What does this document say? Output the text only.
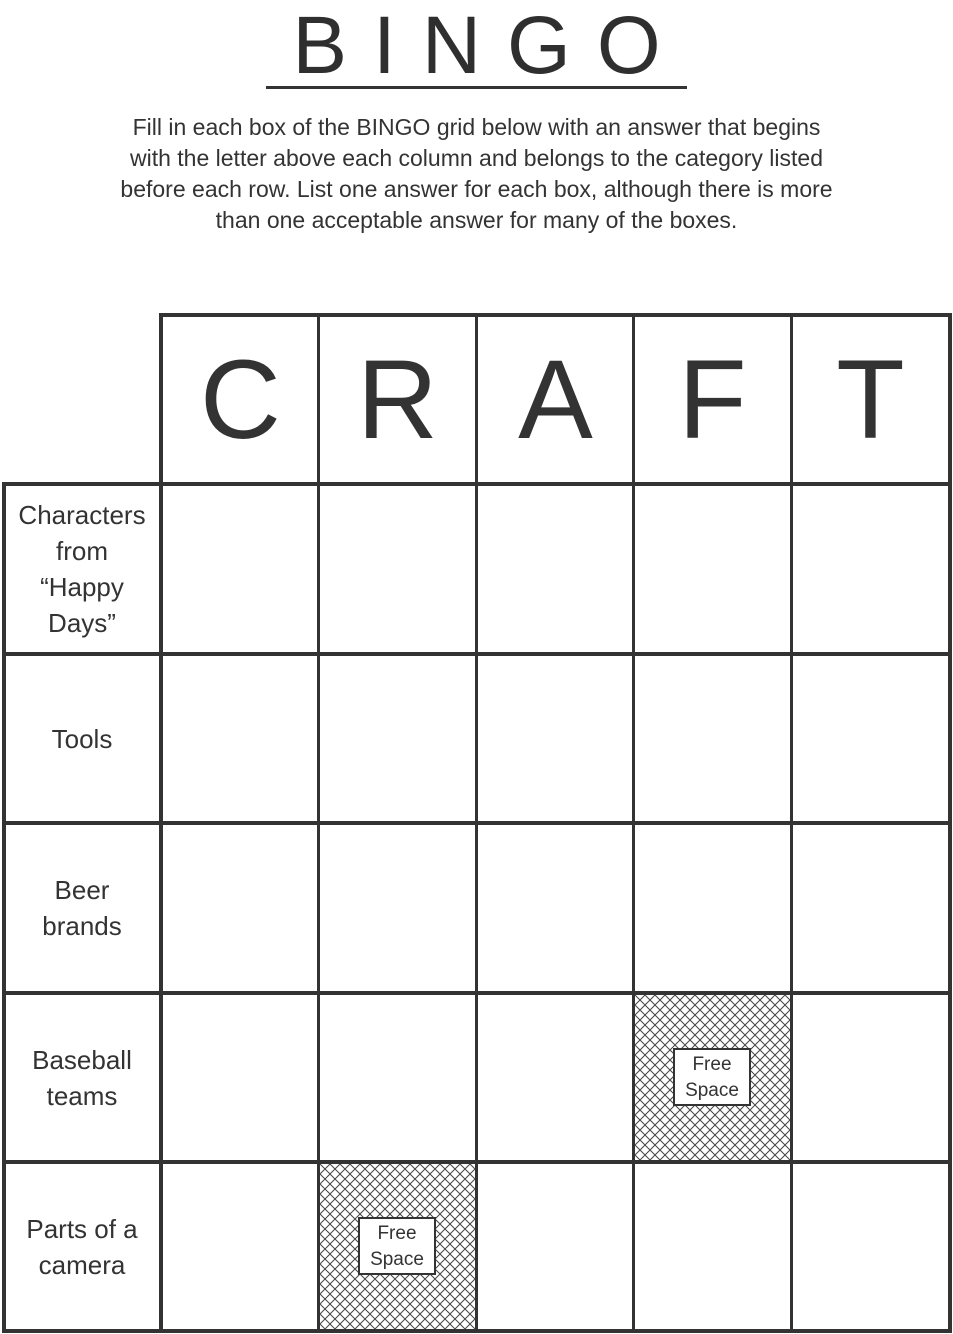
BINGO
Fill in each box of the BINGO grid below with an answer that begins with the letter above each column and belongs to the category listed before each row. List one answer for each box, although there is more than one acceptable answer for many of the boxes.
C R A F T
Characters from “Happy Days”
Tools
Beer brands
Baseball teams
Parts of a camera
Free
Space
Free
Space
